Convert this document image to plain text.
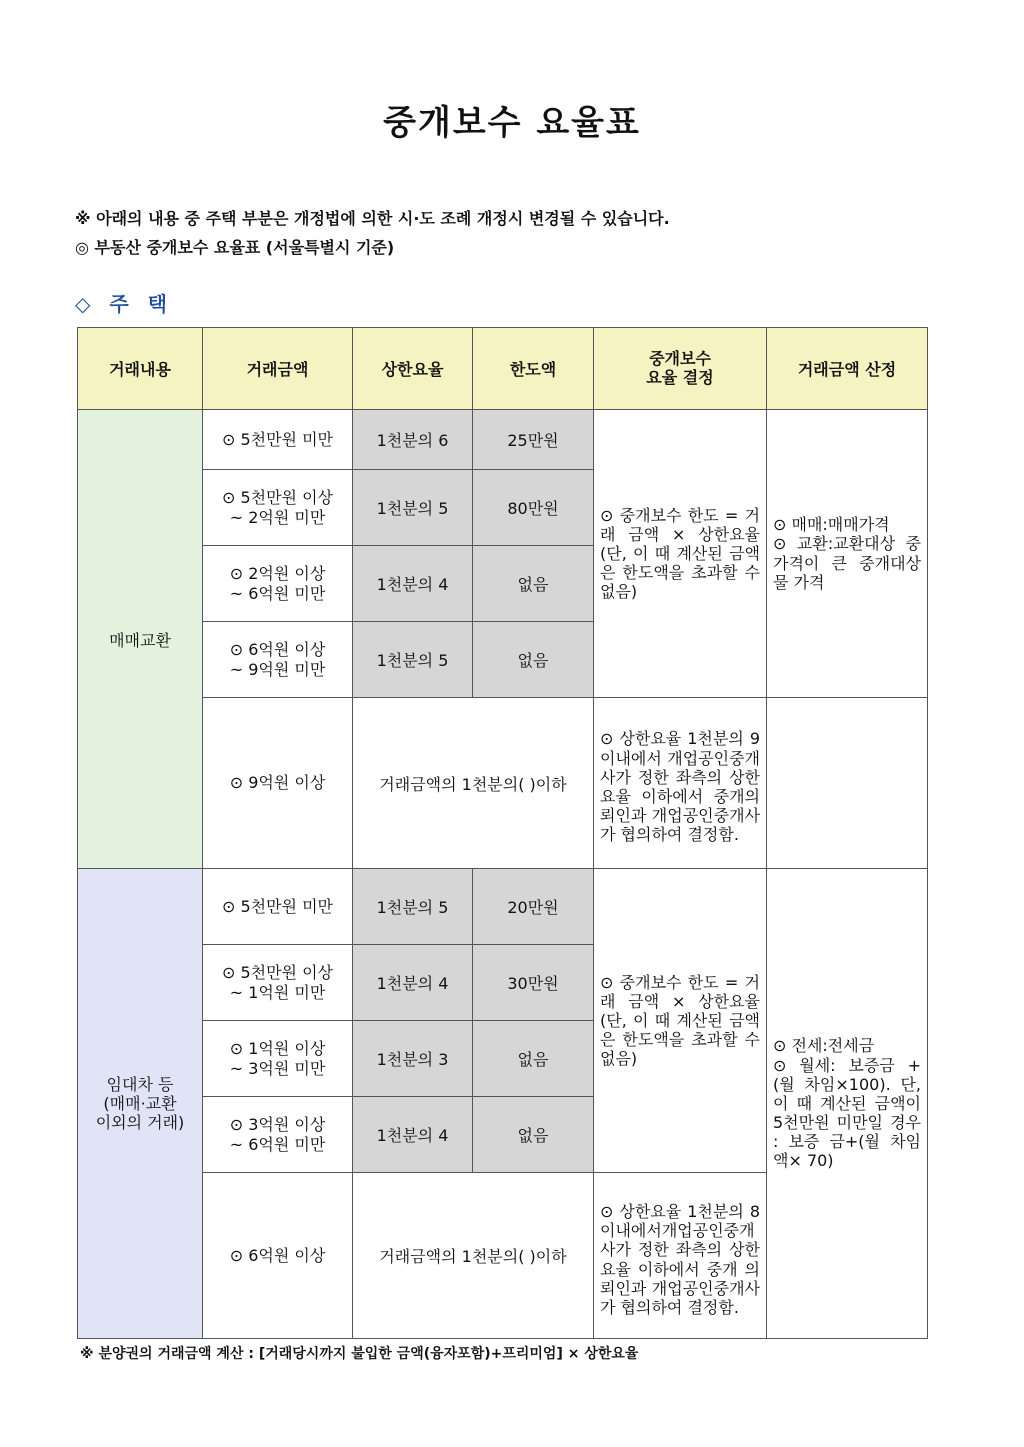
중개보수 요율표
※ 아래의 내용 중 주택 부분은 개정법에 의한 시·도 조례 개정시 변경될 수 있습니다.
◎ 부동산 중개보수 요율표 (서울특별시 기준)
◇ 주 택
거래내용	거래금액	상한요율	한도액	중개보수
요율 결정	거래금액 산정
매매교환	⊙ 5천만원 미만	1천분의 6	25만원	⊙ 중개보수 한도 = 거래 금액 × 상한요율 (단, 이 때 계산된 금액은 한도액을 초과할 수 없음)	⊙ 매매:매매가격
⊙ 교환:교환대상 중 가격이 큰 중개대상물 가격
	⊙ 5천만원 이상
~ 2억원 미만	1천분의 5	80만원		
	⊙ 2억원 이상
~ 6억원 미만	1천분의 4	없음		
	⊙ 6억원 이상
~ 9억원 미만	1천분의 5	없음		
	⊙ 9억원 이상	거래금액의 1천분의( )이하		⊙ 상한요율 1천분의 9 이내에서 개업공인중개사가 정한 좌측의 상한요율 이하에서 중개의뢰인과 개업공인중개사가 협의하여 결정함.	
임대차 등
(매매·교환
이외의 거래)	⊙ 5천만원 미만	1천분의 5	20만원	⊙ 중개보수 한도 = 거래 금액 × 상한요율 (단, 이 때 계산된 금액은 한도액을 초과할 수 없음)	⊙ 전세:전세금
⊙ 월세: 보증금 + (월 차임×100). 단, 이 때 계산된 금액이 5천만원 미만일 경우 : 보증 금+(월 차임액× 70)
	⊙ 5천만원 이상
~ 1억원 미만	1천분의 4	30만원		
	⊙ 1억원 이상
~ 3억원 미만	1천분의 3	없음		
	⊙ 3억원 이상
~ 6억원 미만	1천분의 4	없음		
	⊙ 6억원 이상	거래금액의 1천분의( )이하		⊙ 상한요율 1천분의 8 이내에서개업공인중개사가 정한 좌측의 상한요율 이하에서 중개 의뢰인과 개업공인중개사가 협의하여 결정함.	
※ 분양권의 거래금액 계산 : [거래당시까지 불입한 금액(융자포함)+프리미엄] × 상한요율
